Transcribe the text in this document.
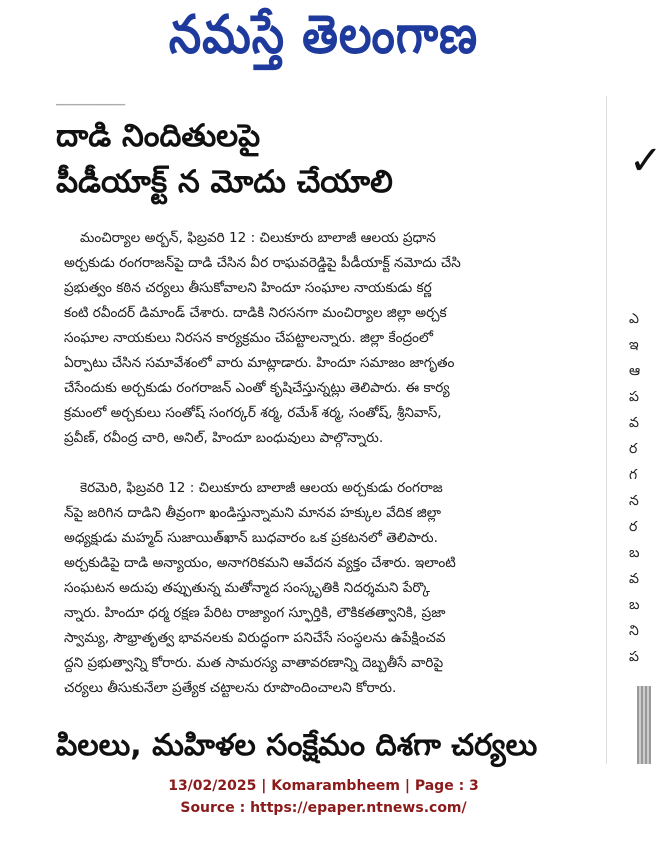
నమస్తే తెలంగాణ
▁▁▁▁▁▁▁▁▁▁
దాడి నిందితులపై
పీడీయాక్ట్ న మోదు చేయాలి
మంచిర్యాల అర్బన్, ఫిబ్రవరి 12 : చిలుకూరు బాలాజీ ఆలయ ప్రధాన
అర్చకుడు రంగరాజన్‌పై దాడి చేసిన వీర రాఘవరెడ్డిపై పీడీయాక్ట్ నమోదు చేసి
ప్రభుత్వం కఠిన చర్యలు తీసుకోవాలని హిందూ సంఘాల నాయకుడు కర్ణ
కంటి రవీందర్ డిమాండ్ చేశారు. దాడికి నిరసనగా మంచిర్యాల జిల్లా అర్చక
సంఘాల నాయకులు నిరసన కార్యక్రమం చేపట్టాలన్నారు. జిల్లా కేంద్రంలో
ఏర్పాటు చేసిన సమావేశంలో వారు మాట్లాడారు. హిందూ సమాజం జాగృతం
చేసేందుకు అర్చకుడు రంగరాజన్ ఎంతో కృషిచేస్తున్నట్లు తెలిపారు. ఈ కార్య
క్రమంలో అర్చకులు సంతోష్ సంగర్కర్ శర్మ, రమేశ్ శర్మ, సంతోష్, శ్రీనివాస్,
ప్రవీణ్, రవీంద్ర చారి, అనిల్, హిందూ బంధువులు పాల్గొన్నారు.
కెరమెరి, ఫిబ్రవరి 12 : చిలుకూరు బాలాజీ ఆలయ అర్చకుడు రంగరాజ
న్‌పై జరిగిన దాడిని తీవ్రంగా ఖండిస్తున్నామని మానవ హక్కుల వేదిక జిల్లా
అధ్యక్షుడు మహ్మద్ సుజాయిత్‌ఖాన్ బుధవారం ఒక ప్రకటనలో తెలిపారు.
అర్చకుడిపై దాడి అన్యాయం, అనాగరికమని ఆవేదన వ్యక్తం చేశారు. ఇలాంటి
సంఘటన అదుపు తప్పుతున్న మతోన్మాద సంస్కృతికి నిదర్శమని పేర్కొ
న్నారు. హిందూ ధర్మ రక్షణ పేరిట రాజ్యాంగ స్ఫూర్తికి, లౌకికతత్వానికి, ప్రజా
స్వామ్య, సౌభ్రాతృత్వ భావనలకు విరుద్ధంగా పనిచేసే సంస్థలను ఉపేక్షించవ
ద్దని ప్రభుత్వాన్ని కోరారు. మత సామరస్య వాతావరణాన్ని దెబ్బతీసే వారిపై
చర్యలు తీసుకునేలా ప్రత్యేక చట్టాలను రూపొందించాలని కోరారు.
పిలలు, మహిళల సంక్షేమం దిశగా చర్యలు
✓
ఎ
ఇ
ఆ
ప
వ
ర
గ
న
ర
బ
వ
బ
ని
ప
13/02/2025 | Komarambheem | Page : 3
Source : https://epaper.ntnews.com/
